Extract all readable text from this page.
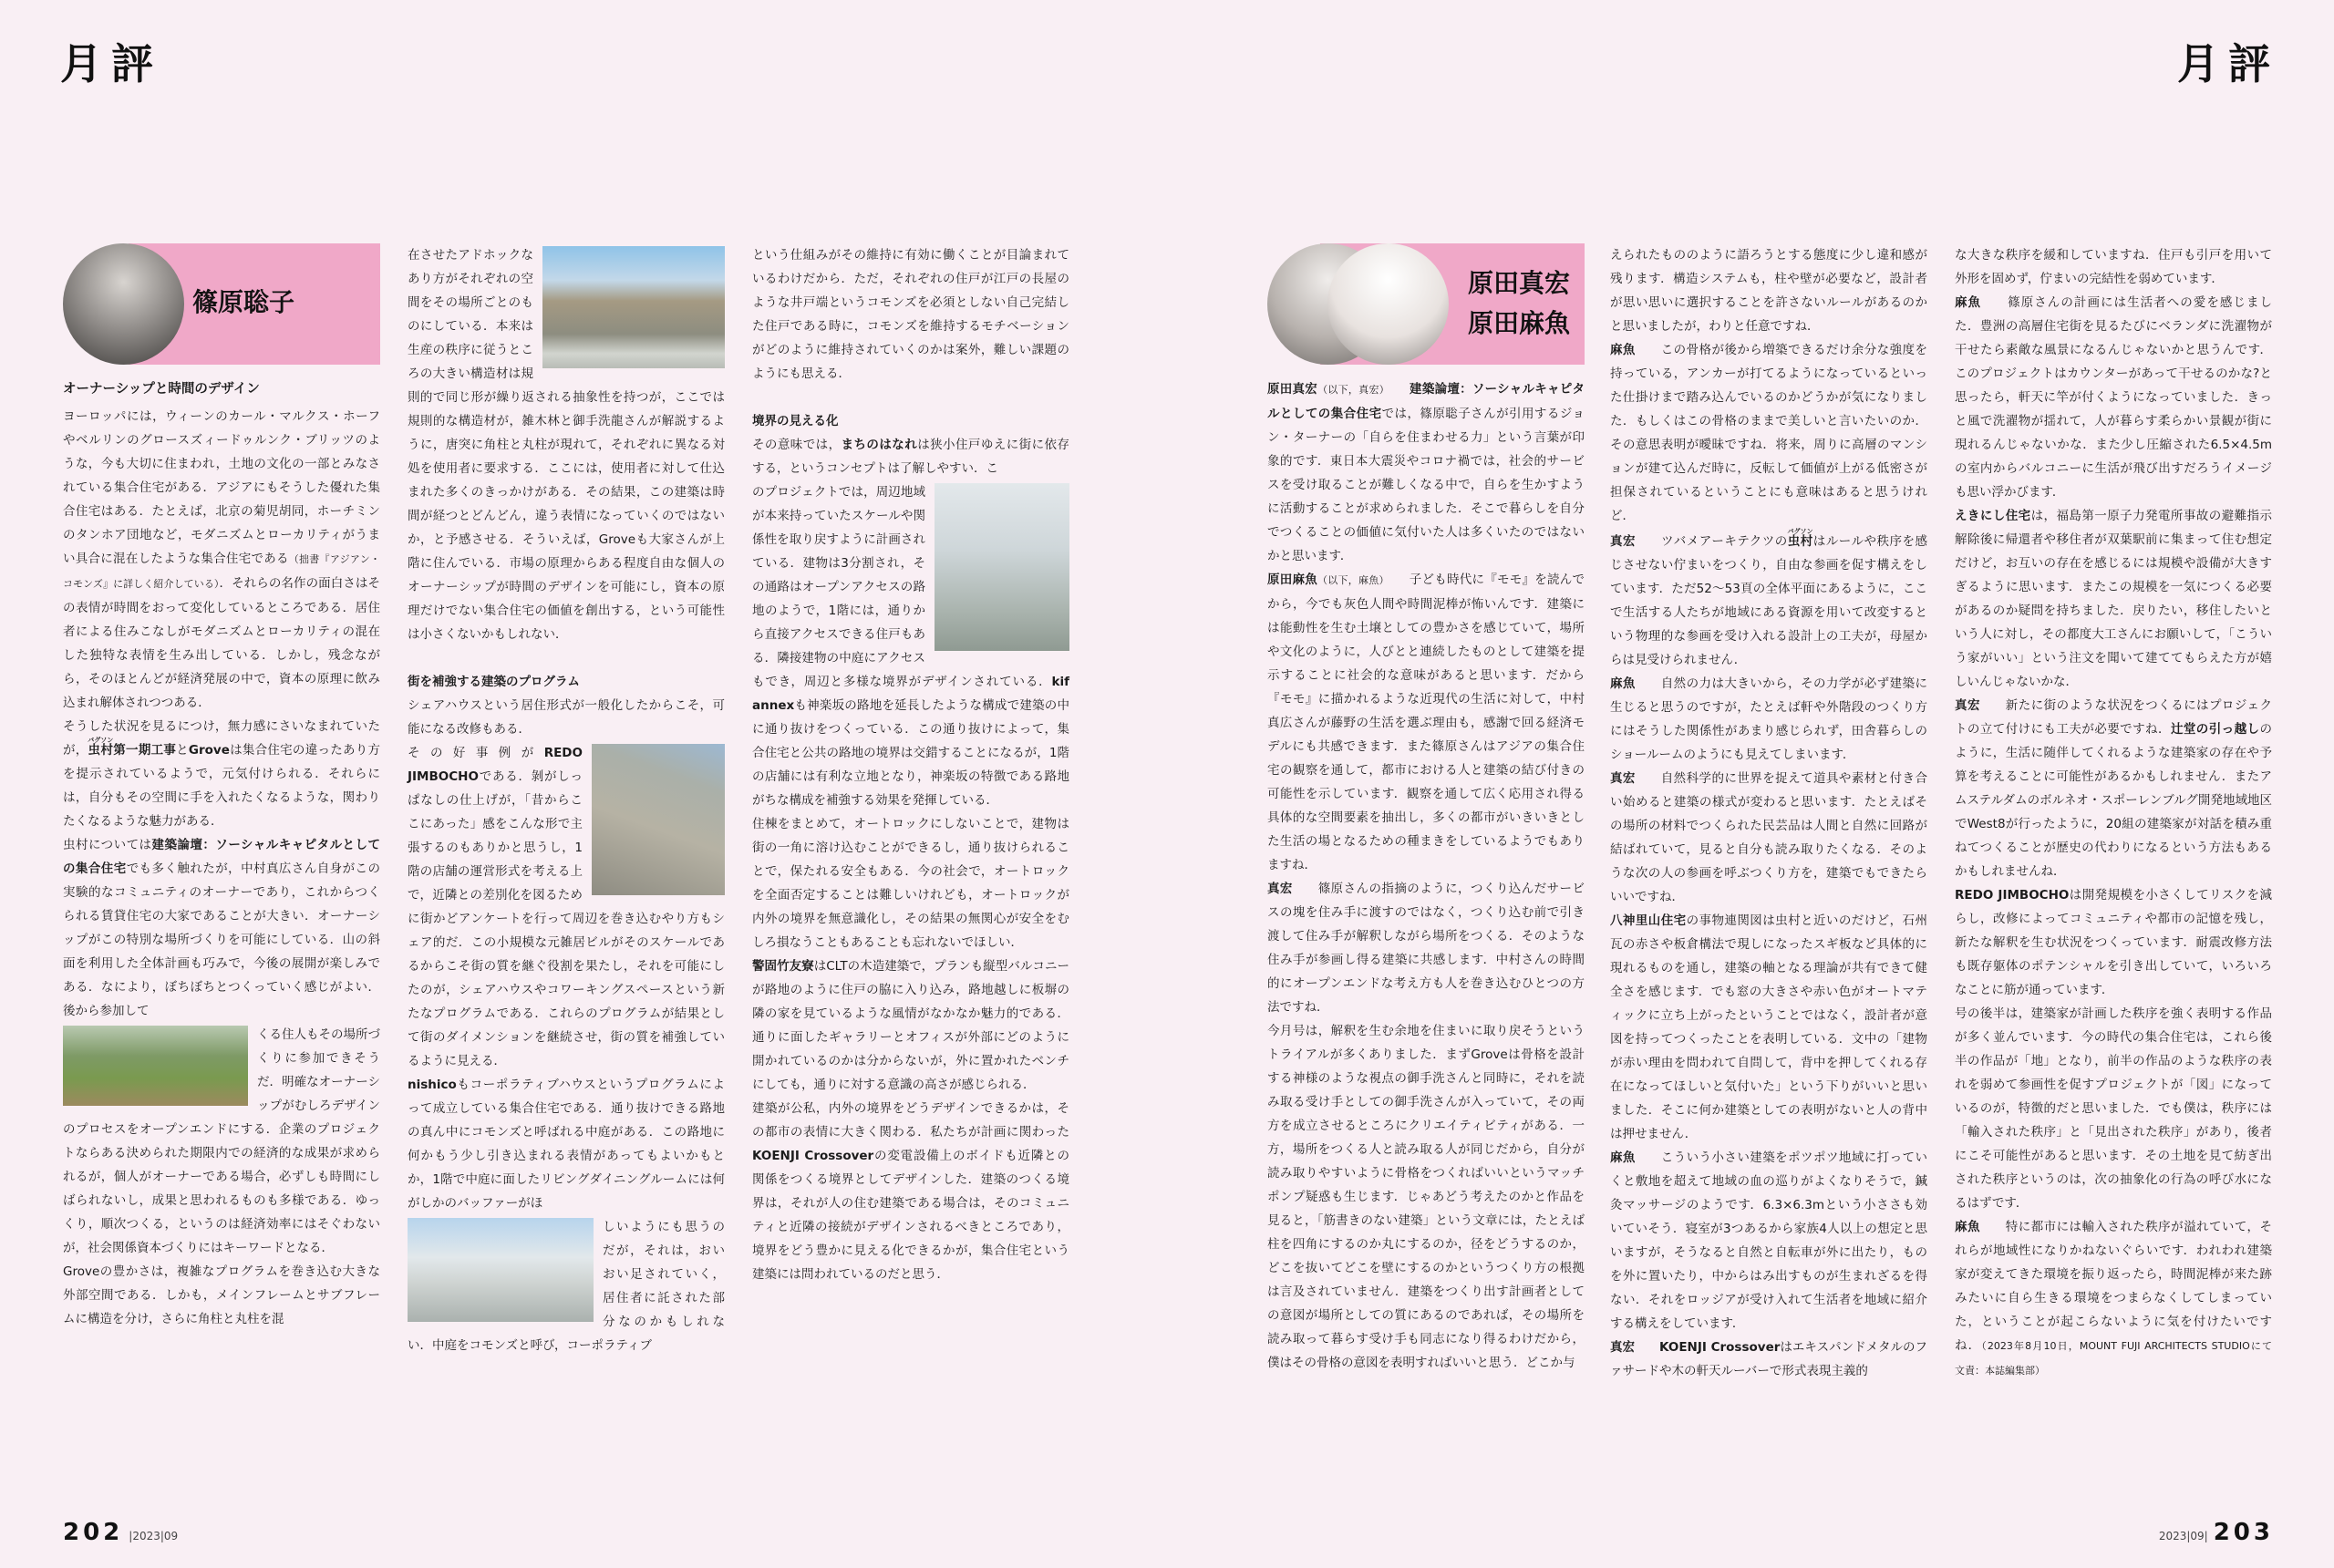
月評	月評
篠原聡子
オーナーシップと時間のデザイン

ヨーロッパには，ウィーンのカール・マルクス・ホーフやベルリンのグロースズィードゥルンク・ブリッツのような，今も大切に住まわれ，土地の文化の一部とみなされている集合住宅がある．アジアにもそうした優れた集合住宅はある．たとえば，北京の菊児胡同，ホーチミンのタンホア団地など，モダニズムとローカリティがうまい具合に混在したような集合住宅である（拙書『アジアン・コモンズ』に詳しく紹介している）．それらの名作の面白さはその表情が時間をおって変化しているところである．居住者による住みこなしがモダニズムとローカリティの混在した独特な表情を生み出している．しかし，残念ながら，そのほとんどが経済発展の中で，資本の原理に飲み込まれ解体されつつある．

そうした状況を見るにつけ，無力感にさいなまれていたが，虫村バグソン第一期工事とGroveは集合住宅の違ったあり方を提示されているようで，元気付けられる．それらには，自分もその空間に手を入れたくなるような，関わりたくなるような魅力がある．

虫村については建築論壇：ソーシャルキャピタルとしての集合住宅でも多く触れたが，中村真広さん自身がこの実験的なコミュニティのオーナーであり，これからつくられる賃貸住宅の大家であることが大きい．オーナーシップがこの特別な場所づくりを可能にしている．山の斜面を利用した全体計画も巧みで，今後の展開が楽しみである．なにより，ぼちぼちとつくっていく感じがよい．後から参加して

くる住人もその場所づくりに参加できそうだ．明確なオーナーシップがむしろデザインのプロセスをオープンエンドにする．企業のプロジェクトならある決められた期限内での経済的な成果が求められるが，個人がオーナーである場合，必ずしも時間にしばられないし，成果と思われるものも多様である．ゆっくり，順次つくる，というのは経済効率にはそぐわないが，社会関係資本づくりにはキーワードとなる．

Groveの豊かさは，複雑なプログラムを巻き込む大きな外部空間である．しかも，メインフレームとサブフレームに構造を分け，さらに角柱と丸柱を混

在させたアドホックなあり方がそれぞれの空間をその場所ごとのものにしている．本来は生産の秩序に従うところの大きい構造材は規則的で同じ形が繰り返される抽象性を持つが，ここでは規則的な構造材が，雑木林と御手洗龍さんが解説するように，唐突に角柱と丸柱が現れて，それぞれに異なる対処を使用者に要求する．ここには，使用者に対して仕込まれた多くのきっかけがある．その結果，この建築は時間が経つとどんどん，違う表情になっていくのではないか，と予感させる．そういえば，Groveも大家さんが上階に住んでいる．市場の原理からある程度自由な個人のオーナーシップが時間のデザインを可能にし，資本の原理だけでない集合住宅の価値を創出する，という可能性は小さくないかもしれない．

街を補強する建築のプログラム

シェアハウスという居住形式が一般化したからこそ，可能になる改修もある．

その好事例がREDO JIMBOCHOである．剝がしっぱなしの仕上げが，「昔からここにあった」感をこんな形で主張するのもありかと思うし，1階の店舗の運営形式を考える上で，近隣との差別化を図るために街かどアンケートを行って周辺を巻き込むやり方もシェア的だ．この小規模な元雑居ビルがそのスケールであるからこそ街の質を継ぐ役割を果たし，それを可能にしたのが，シェアハウスやコワーキングスペースという新たなプログラムである．これらのプログラムが結果として街のダイメンションを継続させ，街の質を補強しているように見える．

nishicoもコーポラティブハウスというプログラムによって成立している集合住宅である．通り抜けできる路地の真ん中にコモンズと呼ばれる中庭がある．この路地に何かもう少し引き込まれる表情があってもよいかもとか，1階で中庭に面したリビングダイニングルームには何がしかのバッファーがほ

しいようにも思うのだが，それは，おいおい足されていく，居住者に託された部分なのかもしれない．中庭をコモンズと呼び，コーポラティブ

という仕組みがその維持に有効に働くことが目論まれているわけだから．ただ，それぞれの住戸が江戸の長屋のような井戸端というコモンズを必須としない自己完結した住戸である時に，コモンズを維持するモチベーションがどのように維持されていくのかは案外，難しい課題のようにも思える．

境界の見える化

その意味では，まちのはなれは狭小住戸ゆえに街に依存する，というコンセプトは了解しやすい．こ

のプロジェクトでは，周辺地域が本来持っていたスケールや関係性を取り戻すように計画されている．建物は3分割され，その通路はオープンアクセスの路地のようで，1階には，通りから直接アクセスできる住戸もある．隣接建物の中庭にアクセスもでき，周辺と多様な境界がデザインされている．kif annexも神楽坂の路地を延長したような構成で建築の中に通り抜けをつくっている．この通り抜けによって，集合住宅と公共の路地の境界は交錯することになるが，1階の店舗には有利な立地となり，神楽坂の特徴である路地がちな構成を補強する効果を発揮している．

住棟をまとめて，オートロックにしないことで，建物は街の一角に溶け込むことができるし，通り抜けられることで，保たれる安全もある．今の社会で，オートロックを全面否定することは難しいけれども，オートロックが内外の境界を無意識化し，その結果の無関心が安全をむしろ損なうこともあることも忘れないでほしい．

警固竹友寮はCLTの木造建築で，プランも縦型バルコニーが路地のように住戸の脇に入り込み，路地越しに板塀の隣の家を見ているような風情がなかなか魅力的である．通りに面したギャラリーとオフィスが外部にどのように開かれているのかは分からないが，外に置かれたベンチにしても，通りに対する意識の高さが感じられる．

建築が公私，内外の境界をどうデザインできるかは，その都市の表情に大きく関わる．私たちが計画に関わったKOENJI Crossoverの変電設備上のボイドも近隣との関係をつくる境界としてデザインした．建築のつくる境界は，それが人の住む建築である場合は，そのコミュニティと近隣の接続がデザインされるべきところであり，境界をどう豊かに見える化できるかが，集合住宅という建築には問われているのだと思う．

原田真宏
原田麻魚

原田真宏（以下，真宏）　　 建築論壇：ソーシャルキャピタルとしての集合住宅では，篠原聡子さんが引用するジョン・ターナーの「自らを住まわせる力」という言葉が印象的です．東日本大震災やコロナ禍では，社会的サービスを受け取ることが難しくなる中で，自らを生かすように活動することが求められました．そこで暮らしを自分でつくることの価値に気付いた人は多くいたのではないかと思います．

原田麻魚（以下，麻魚）　　子ども時代に『モモ』を読んでから，今でも灰色人間や時間泥棒が怖いんです．建築には能動性を生む土壌としての豊かさを感じていて，場所や文化のように，人びとと連続したものとして建築を提示することに社会的な意味があると思います．だから『モモ』に描かれるような近現代の生活に対して，中村真広さんが藤野の生活を選ぶ理由も，感謝で回る経済モデルにも共感できます．また篠原さんはアジアの集合住宅の観察を通して，都市における人と建築の結び付きの可能性を示しています．観察を通して広く応用され得る具体的な空間要素を抽出し，多くの都市がいきいきとした生活の場となるための種まきをしているようでもありますね．

真宏　　篠原さんの指摘のように，つくり込んだサービスの塊を住み手に渡すのではなく，つくり込む前で引き渡して住み手が解釈しながら場所をつくる．そのような住み手が参画し得る建築に共感します．中村さんの時間的にオープンエンドな考え方も人を巻き込むひとつの方法ですね．

今月号は，解釈を生む余地を住まいに取り戻そうというトライアルが多くありました．まずGroveは骨格を設計する神様のような視点の御手洗さんと同時に，それを読み取る受け手としての御手洗さんが入っていて，その両方を成立させるところにクリエイティビティがある．一方，場所をつくる人と読み取る人が同じだから，自分が読み取りやすいように骨格をつくればいいというマッチポンプ疑惑も生じます．じゃあどう考えたのかと作品を見ると，「筋書きのない建築」という文章には，たとえば柱を四角にするのか丸にするのか，径をどうするのか，どこを抜いてどこを壁にするのかというつくり方の根拠は言及されていません．建築をつくり出す計画者としての意図が場所としての質にあるのであれば，その場所を読み取って暮らす受け手も同志になり得るわけだから，僕はその骨格の意図を表明すればいいと思う．どこか与

えられたもののように語ろうとする態度に少し違和感が残ります．構造システムも，柱や壁が必要など，設計者が思い思いに選択することを許さないルールがあるのかと思いましたが，わりと任意ですね．

麻魚　　この骨格が後から増築できるだけ余分な強度を持っている，アンカーが打てるようになっているといった仕掛けまで踏み込んでいるのかどうかが気になりました．もしくはこの骨格のままで美しいと言いたいのか．その意思表明が曖昧ですね．将来，周りに高層のマンションが建て込んだ時に，反転して価値が上がる低密さが担保されているということにも意味はあると思うけれど．

真宏　　ツバメアーキテクツの虫村バグソンはルールや秩序を感じさせない佇まいをつくり，自由な参画を促す構えをしています．ただ52〜53頁の全体平面にあるように，ここで生活する人たちが地域にある資源を用いて改変するという物理的な参画を受け入れる設計上の工夫が，母屋からは見受けられません．

麻魚　　自然の力は大きいから，その力学が必ず建築に生じると思うのですが，たとえば軒や外階段のつくり方にはそうした関係性があまり感じられず，田舎暮らしのショールームのようにも見えてしまいます．

真宏　　自然科学的に世界を捉えて道具や素材と付き合い始めると建築の様式が変わると思います．たとえばその場所の材料でつくられた民芸品は人間と自然に回路が結ばれていて，見ると自分も読み取りたくなる．そのような次の人の参画を呼ぶつくり方を，建築でもできたらいいですね．

八神里山住宅の事物連関図は虫村と近いのだけど，石州瓦の赤さや板倉構法で現しになったスギ板など具体的に現れるものを通し，建築の軸となる理論が共有できて健全さを感じます．でも窓の大きさや赤い色がオートマティックに立ち上がったということではなく，設計者が意図を持ってつくったことを表明している．文中の「建物が赤い理由を問われて自問して，背中を押してくれる存在になってほしいと気付いた」という下りがいいと思いました．そこに何か建築としての表明がないと人の背中は押せません．

麻魚　　こういう小さい建築をポツポツ地域に打っていくと敷地を超えて地域の血の巡りがよくなりそうで，鍼灸マッサージのようです．6.3×6.3mという小ささも効いていそう．寝室が3つあるから家族4人以上の想定と思いますが，そうなると自然と自転車が外に出たり，ものを外に置いたり，中からはみ出すものが生まれざるを得ない．それをロッジアが受け入れて生活者を地域に紹介する構えをしています．

真宏　　 KOENJI Crossoverはエキスパンドメタルのファサードや木の軒天ルーバーで形式表現主義的

な大きな秩序を緩和していますね．住戸も引戸を用いて外形を固めず，佇まいの完結性を弱めています．

麻魚　　篠原さんの計画には生活者への愛を感じました．豊洲の高層住宅街を見るたびにベランダに洗濯物が干せたら素敵な風景になるんじゃないかと思うんです．このプロジェクトはカウンターがあって干せるのかな?と思ったら，軒天に竿が付くようになっていました．きっと風で洗濯物が揺れて，人が暮らす柔らかい景観が街に現れるんじゃないかな．また少し圧縮された6.5×4.5mの室内からバルコニーに生活が飛び出すだろうイメージも思い浮かびます．

えきにし住宅は，福島第一原子力発電所事故の避難指示解除後に帰還者や移住者が双葉駅前に集まって住む想定だけど，お互いの存在を感じるには規模や設備が大きすぎるように思います．またこの規模を一気につくる必要があるのか疑問を持ちました．戻りたい，移住したいという人に対し，その都度大工さんにお願いして，「こういう家がいい」という注文を聞いて建ててもらえた方が嬉しいんじゃないかな．

真宏　　新たに街のような状況をつくるにはプロジェクトの立て付けにも工夫が必要ですね．辻堂の引っ越しのように，生活に随伴してくれるような建築家の存在や予算を考えることに可能性があるかもしれません．またアムステルダムのボルネオ・スポーレンブルグ開発地域地区でWest8が行ったように，20組の建築家が対話を積み重ねてつくることが歴史の代わりになるという方法もあるかもしれませんね．

REDO JIMBOCHOは開発規模を小さくしてリスクを減らし，改修によってコミュニティや都市の記憶を残し，新たな解釈を生む状況をつくっています．耐震改修方法も既存躯体のポテンシャルを引き出していて，いろいろなことに筋が通っています．

号の後半は，建築家が計画した秩序を強く表明する作品が多く並んでいます．今の時代の集合住宅は，これら後半の作品が「地」となり，前半の作品のような秩序の表れを弱めて参画性を促すプロジェクトが「図」になっているのが，特徴的だと思いました．でも僕は，秩序には「輸入された秩序」と「見出された秩序」があり，後者にこそ可能性があると思います．その土地を見て紡ぎ出された秩序というのは，次の抽象化の行為の呼び水になるはずです．

麻魚　　特に都市には輸入された秩序が溢れていて，それらが地域性になりかねないぐらいです．われわれ建築家が変えてきた環境を振り返ったら，時間泥棒が来た跡みたいに自ら生きる環境をつまらなくしてしまっていた，ということが起こらないように気を付けたいですね．（2023年8月10日，MOUNT FUJI ARCHITECTS STUDIOにて　文責：本誌編集部）

202 |2023|09	2023|09| 203
